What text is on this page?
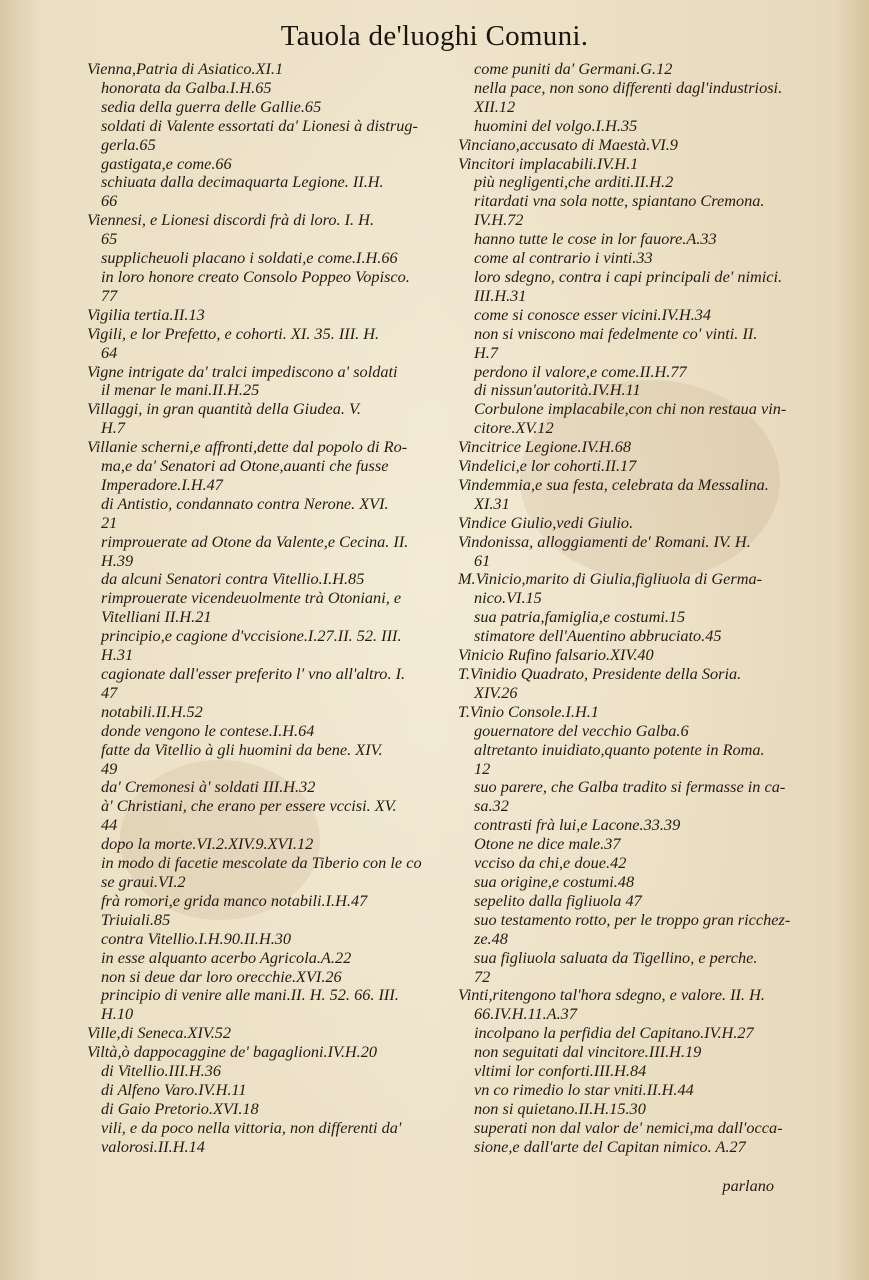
Tauola de'luoghi Comuni.
Vienna,Patria di Asiatico.XI.1
honorata da Galba.I.H.65
sedia della guerra delle Gallie.65
soldati di Valente essortati da' Lionesi à distrug-
gerla.65
gastigata,e come.66
schiuata dalla decimaquarta Legione. II.H.
66
Viennesi, e Lionesi discordi frà di loro. I. H.
65
supplicheuoli placano i soldati,e come.I.H.66
in loro honore creato Consolo Poppeo Vopisco.
77
Vigilia tertia.II.13
Vigili, e lor Prefetto, e cohorti. XI. 35. III. H.
64
Vigne intrigate da' tralci impediscono a' soldati
il menar le mani.II.H.25
Villaggi, in gran quantità della Giudea. V.
H.7
Villanie scherni,e affronti,dette dal popolo di Ro-
ma,e da' Senatori ad Otone,auanti che fusse
Imperadore.I.H.47
di Antistio, condannato contra Nerone. XVI.
21
rimprouerate ad Otone da Valente,e Cecina. II.
H.39
da alcuni Senatori contra Vitellio.I.H.85
rimprouerate vicendeuolmente trà Otoniani, e
Vitelliani II.H.21
principio,e cagione d'vccisione.I.27.II. 52. III.
H.31
cagionate dall'esser preferito l' vno all'altro. I.
47
notabili.II.H.52
donde vengono le contese.I.H.64
fatte da Vitellio à gli huomini da bene. XIV.
49
da' Cremonesi à' soldati III.H.32
à' Christiani, che erano per essere vccisi. XV.
44
dopo la morte.VI.2.XIV.9.XVI.12
in modo di facetie mescolate da Tiberio con le co
se graui.VI.2
frà romori,e grida manco notabili.I.H.47
Triuiali.85
contra Vitellio.I.H.90.II.H.30
in esse alquanto acerbo Agricola.A.22
non si deue dar loro orecchie.XVI.26
principio di venire alle mani.II. H. 52. 66. III.
H.10
Ville,di Seneca.XIV.52
Viltà,ò dappocaggine de' bagaglioni.IV.H.20
di Vitellio.III.H.36
di Alfeno Varo.IV.H.11
di Gaio Pretorio.XVI.18
vili, e da poco nella vittoria, non differenti da'
valorosi.II.H.14
come puniti da' Germani.G.12
nella pace, non sono differenti dagl'industriosi.
XII.12
huomini del volgo.I.H.35
Vinciano,accusato di Maestà.VI.9
Vincitori implacabili.IV.H.1
più negligenti,che arditi.II.H.2
ritardati vna sola notte, spiantano Cremona.
IV.H.72
hanno tutte le cose in lor fauore.A.33
come al contrario i vinti.33
loro sdegno, contra i capi principali de' nimici.
III.H.31
come si conosce esser vicini.IV.H.34
non si vniscono mai fedelmente co' vinti. II.
H.7
perdono il valore,e come.II.H.77
di nissun'autorità.IV.H.11
Corbulone implacabile,con chi non restaua vin-
citore.XV.12
Vincitrice Legione.IV.H.68
Vindelici,e lor cohorti.II.17
Vindemmia,e sua festa, celebrata da Messalina.
XI.31
Vindice Giulio,vedi Giulio.
Vindonissa, alloggiamenti de' Romani. IV. H.
61
M.Vinicio,marito di Giulia,figliuola di Germa-
nico.VI.15
sua patria,famiglia,e costumi.15
stimatore dell'Auentino abbruciato.45
Vinicio Rufino falsario.XIV.40
T.Vinidio Quadrato, Presidente della Soria.
XIV.26
T.Vinio Console.I.H.1
gouernatore del vecchio Galba.6
altretanto inuidiato,quanto potente in Roma.
12
suo parere, che Galba tradito si fermasse in ca-
sa.32
contrasti frà lui,e Lacone.33.39
Otone ne dice male.37
vcciso da chi,e doue.42
sua origine,e costumi.48
sepelito dalla figliuola 47
suo testamento rotto, per le troppo gran ricchez-
ze.48
sua figliuola saluata da Tigellino, e perche.
72
Vinti,ritengono tal'hora sdegno, e valore. II. H.
66.IV.H.11.A.37
incolpano la perfidia del Capitano.IV.H.27
non seguitati dal vincitore.III.H.19
vltimi lor conforti.III.H.84
vn co rimedio lo star vniti.II.H.44
non si quietano.II.H.15.30
superati non dal valor de' nemici,ma dall'occa-
sione,e dall'arte del Capitan nimico. A.27
parlano
